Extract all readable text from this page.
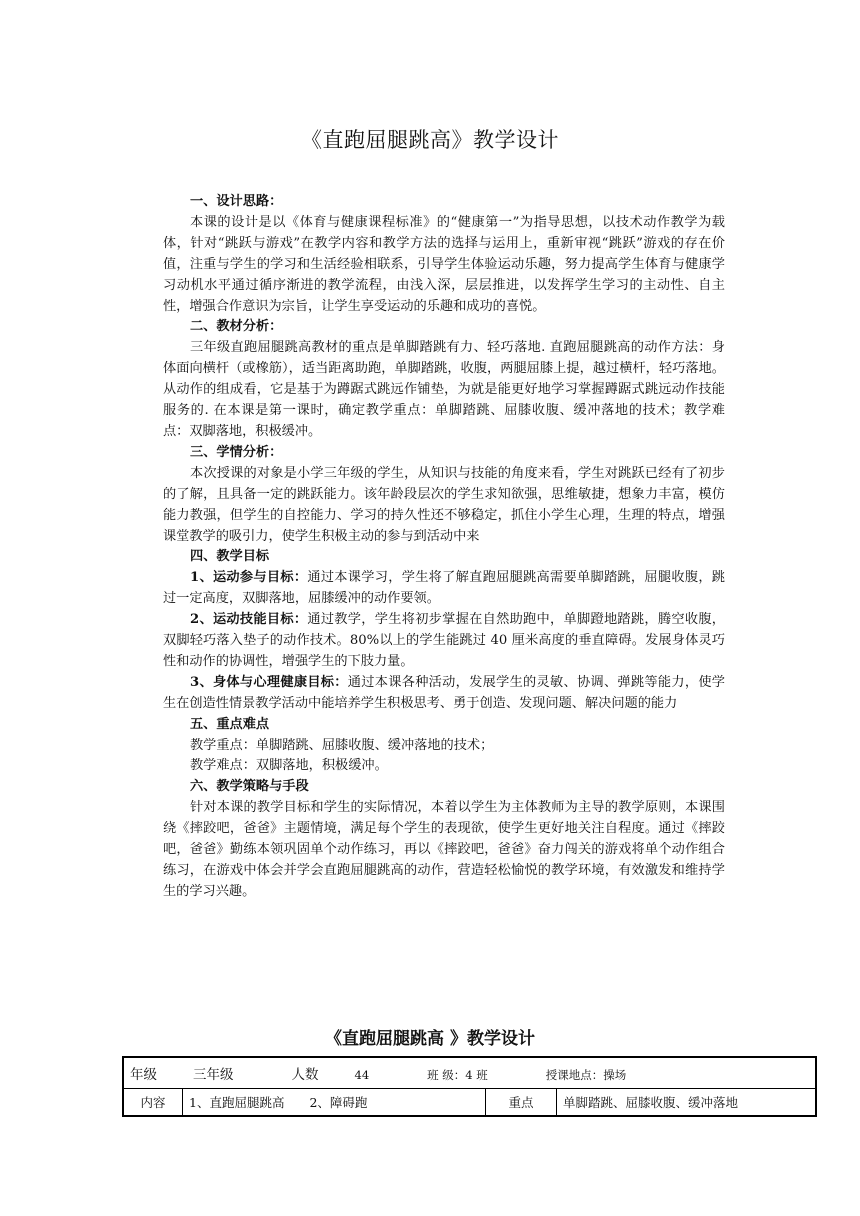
《直跑屈腿跳高》教学设计
一、设计思路：

本课的设计是以《体育与健康课程标准》的“健康第一”为指导思想，以技术动作教学为载体，针对“跳跃与游戏”在教学内容和教学方法的选择与运用上，重新审视“跳跃”游戏的存在价值，注重与学生的学习和生活经验相联系，引导学生体验运动乐趣，努力提高学生体育与健康学习动机水平通过循序渐进的教学流程，由浅入深，层层推进，以发挥学生学习的主动性、自主性，增强合作意识为宗旨，让学生享受运动的乐趣和成功的喜悦。

二、教材分析：

三年级直跑屈腿跳高教材的重点是单脚踏跳有力、轻巧落地. 直跑屈腿跳高的动作方法：身体面向横杆（或橡筋），适当距离助跑，单脚踏跳，收腹，两腿屈膝上提，越过横杆，轻巧落地。从动作的组成看，它是基于为蹲踞式跳远作铺垫，为就是能更好地学习掌握蹲踞式跳远动作技能服务的. 在本课是第一课时，确定教学重点：单脚踏跳、屈膝收腹、缓冲落地的技术；教学难点：双脚落地，积极缓冲。

三、学情分析：

本次授课的对象是小学三年级的学生，从知识与技能的角度来看，学生对跳跃已经有了初步的了解，且具备一定的跳跃能力。该年龄段层次的学生求知欲强，思维敏捷，想象力丰富，模仿能力教强，但学生的自控能力、学习的持久性还不够稳定，抓住小学生心理，生理的特点，增强课堂教学的吸引力，使学生积极主动的参与到活动中来

四、教学目标

1、运动参与目标：通过本课学习，学生将了解直跑屈腿跳高需要单脚踏跳，屈腿收腹，跳过一定高度，双脚落地，屈膝缓冲的动作要领。

2、运动技能目标：通过教学，学生将初步掌握在自然助跑中，单脚蹬地踏跳，腾空收腹，双脚轻巧落入垫子的动作技术。80%以上的学生能跳过 40 厘米高度的垂直障碍。发展身体灵巧性和动作的协调性，增强学生的下肢力量。

3、身体与心理健康目标：通过本课各种活动，发展学生的灵敏、协调、弹跳等能力，使学生在创造性情景教学活动中能培养学生积极思考、勇于创造、发现问题、解决问题的能力

五、重点难点
教学重点：单脚踏跳、屈膝收腹、缓冲落地的技术；
教学难点：双脚落地，积极缓冲。
六、教学策略与手段

针对本课的教学目标和学生的实际情况，本着以学生为主体教师为主导的教学原则，本课围绕《摔跤吧，爸爸》主题情境，满足每个学生的表现欲，使学生更好地关注自程度。通过《摔跤吧，爸爸》勤练本领巩固单个动作练习，再以《摔跤吧，爸爸》奋力闯关的游戏将单个动作组合练习，在游戏中体会并学会直跑屈腿跳高的动作，营造轻松愉悦的教学环境，有效激发和维持学生的学习兴趣。

《直跑屈腿跳高 》教学设计
年级	三年级	人数	44	班 级：4 班	授课地点：操场
内容	1、直跑屈腿跳高　　2、障碍跑	重点	单脚踏跳、屈膝收腹、缓冲落地
